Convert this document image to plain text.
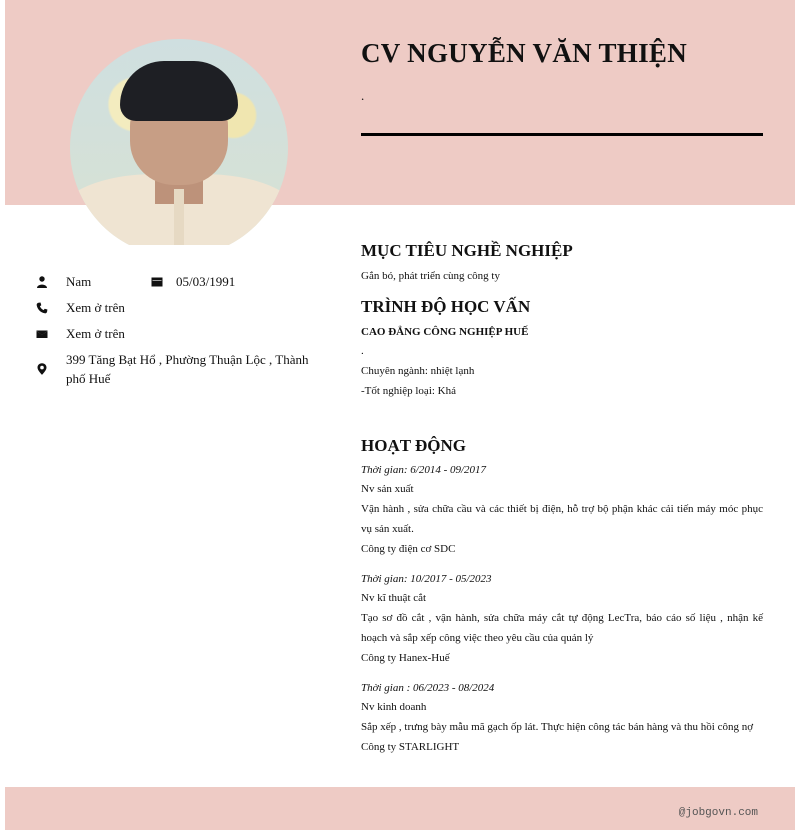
CV NGUYỄN VĂN THIỆN
.
Nam	05/03/1991
Xem ở trên
Xem ở trên
399 Tăng Bạt Hổ , Phường Thuận Lộc , Thành phố Huế
MỤC TIÊU NGHỀ NGHIỆP
Gắn bó, phát triển cùng công ty
TRÌNH ĐỘ HỌC VẤN
CAO ĐẲNG CÔNG NGHIỆP HUẾ
.
Chuyên ngành: nhiệt lạnh
-Tốt nghiệp loại: Khá
HOẠT ĐỘNG
Thời gian: 6/2014 - 09/2017
Nv sản xuất
Vận hành , sửa chữa cầu và các thiết bị điện, hỗ trợ bộ phận khác cải tiến máy móc phục vụ sản xuất.
Công ty điện cơ SDC
Thời gian: 10/2017 - 05/2023
Nv kĩ thuật cắt
Tạo sơ đồ cắt , vận hành, sửa chữa máy cắt tự động LecTra, báo cáo số liệu , nhận kế hoạch và sắp xếp công việc theo yêu cầu của quản lý
Công ty Hanex-Huế
Thời gian : 06/2023 - 08/2024
Nv kinh doanh
Sắp xếp , trưng bày mẫu mã gạch ốp lát. Thực hiện công tác bán hàng và thu hồi công nợ
Công ty STARLIGHT
@jobgovn.com
